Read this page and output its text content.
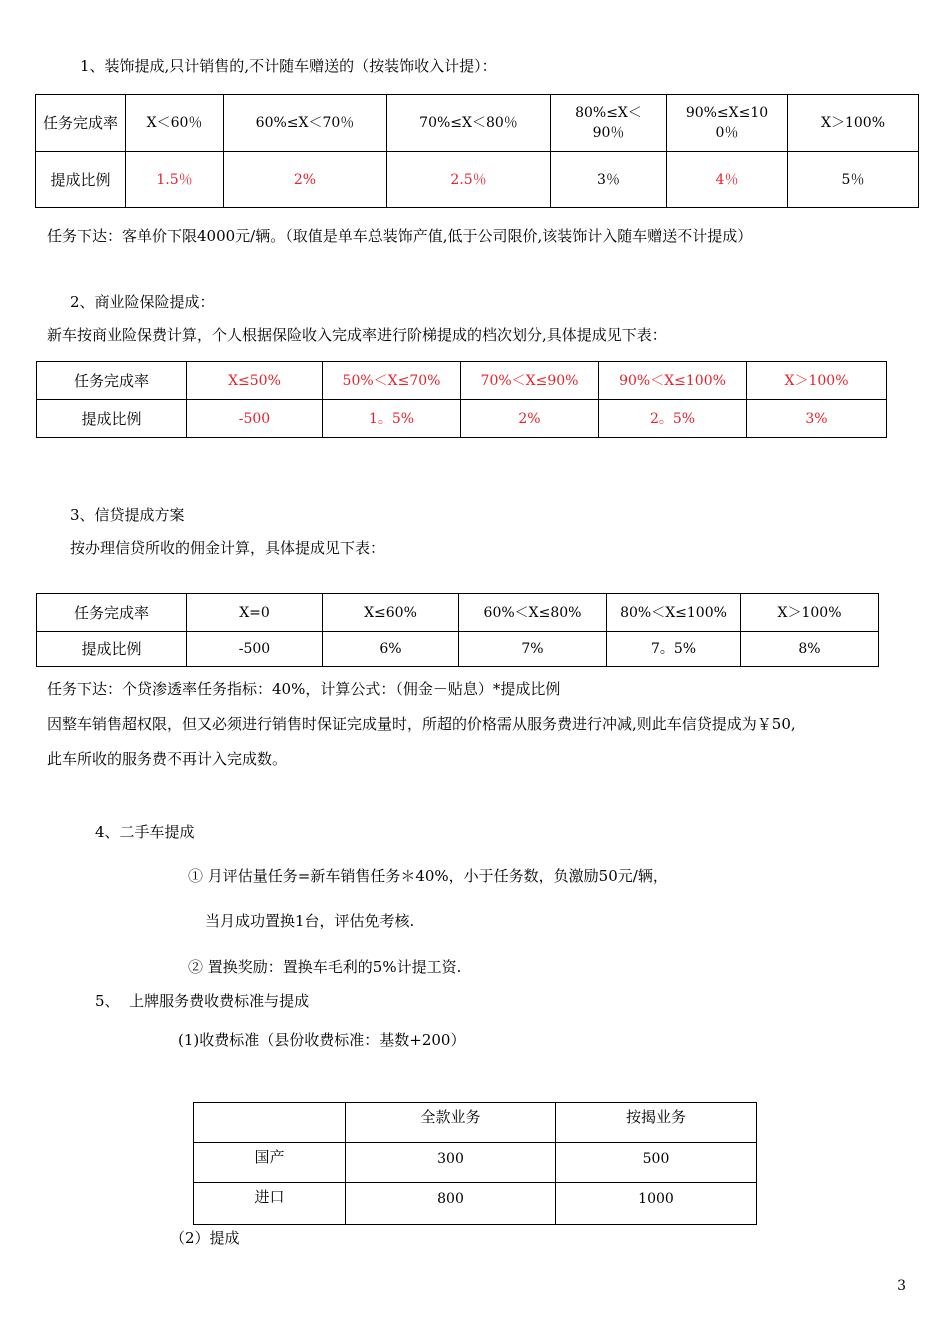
1、装饰提成,只计销售的,不计随车赠送的（按装饰收入计提）：
任务完成率	X＜60％	60%≤X＜70％	70%≤X＜80％	80%≤X＜90％	90%≤X≤100％	X＞100%
提成比例	1.5％	2%	2.5％	3％	4％	5％
任务下达：客单价下限4000元/辆。（取值是单车总装饰产值,低于公司限价,该装饰计入随车赠送不计提成）
2、商业险保险提成：
新车按商业险保费计算，个人根据保险收入完成率进行阶梯提成的档次划分,具体提成见下表：
任务完成率	X≤50%	50%＜X≤70%	70%＜X≤90%	90%＜X≤100%	X＞100%
提成比例	-500	1。5%	2%	2。5%	3%
3、信贷提成方案
按办理信贷所收的佣金计算，具体提成见下表：
任务完成率	X=0	X≤60%	60%＜X≤80%	80%＜X≤100%	X＞100%
提成比例	-500	6%	7%	7。5%	8%
任务下达：个贷渗透率任务指标：40%，计算公式：（佣金－贴息）*提成比例
因整车销售超权限，但又必须进行销售时保证完成量时，所超的价格需从服务费进行冲减,则此车信贷提成为￥50,
此车所收的服务费不再计入完成数。
4、二手车提成
① 月评估量任务=新车销售任务＊40%，小于任务数，负激励50元/辆，
当月成功置换1台，评估免考核.
② 置换奖励：置换车毛利的5%计提工资.
5、  上牌服务费收费标准与提成
(1)收费标准（县份收费标准：基数+200）
	全款业务	按揭业务
国产	300	500
进口	800	1000
（2）提成
3
